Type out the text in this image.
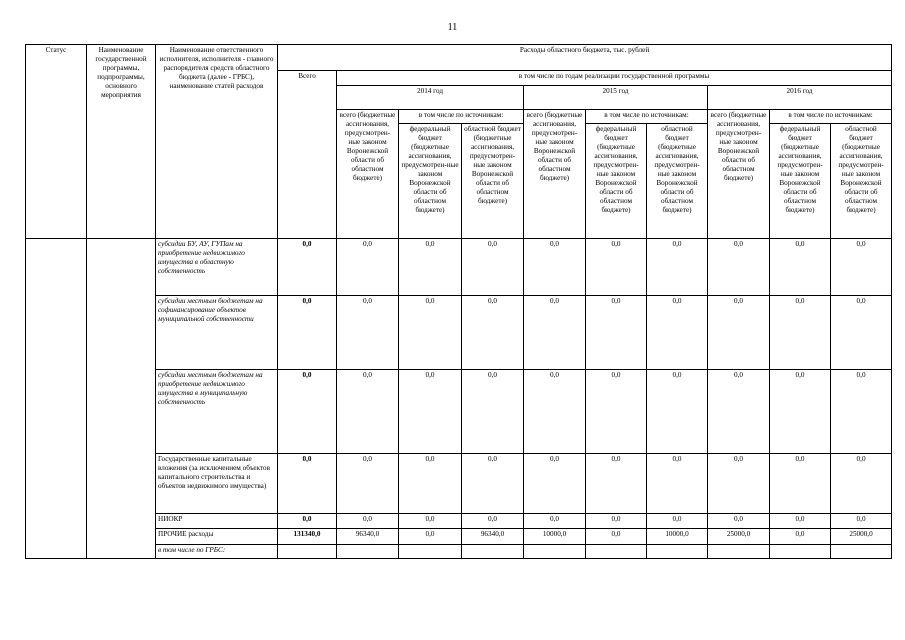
11
Статус	Наименование государственной программы, подпрограммы, основного мероприятия	Наименование ответственного исполнителя, исполнителя - главного распорядителя средств областного бюджета (далее - ГРБС), наименование статей расходов	Расходы областного бюджета, тыс. рублей									
			Всего	в том числе по годам реализации государственной программы								
				2014 год			2015 год			2016 год		
				всего (бюджетные ассигнования, предусмотрен-ные законом Воронежской области об областном бюджете)	в том числе по источникам:		всего (бюджетные ассигнования, предусмотрен-ные законом Воронежской области об областном бюджете)	в том числе по источникам:		всего (бюджетные ассигнования, предусмотрен-ные законом Воронежской области об областном бюджете)	в том числе по источникам:	
					федеральный бюджет (бюджетные ассигнования, предусмотрен-ные законом Воронежской области об областном бюджете)	областной бюджет (бюджетные ассигнования, предусмотрен-ные законом Воронежской области об областном бюджете)		федеральный бюджет (бюджетные ассигнования, предусмотрен-ные законом Воронежской области об областном бюджете)	областной бюджет (бюджетные ассигнования, предусмотрен-ные законом Воронежской области об областном бюджете)		федеральный бюджет (бюджетные ассигнования, предусмотрен-ные законом Воронежской области об областном бюджете)	областной бюджет (бюджетные ассигнования, предусмотрен-ные законом Воронежской области об областном бюджете)
		субсидии БУ, АУ, ГУПам на приобретение недвижимого имущества в областную собственность	0,0	0,0	0,0	0,0	0,0	0,0	0,0	0,0	0,0	0,0
		субсидии местным бюджетам на софинансирование объектов муниципальной собственности	0,0	0,0	0,0	0,0	0,0	0,0	0,0	0,0	0,0	0,0
		субсидии местным бюджетам на приобретение недвижимого имущества в муниципальную собственность	0,0	0,0	0,0	0,0	0,0	0,0	0,0	0,0	0,0	0,0
		Государственные капитальные вложения (за исключением объектов капитального строительства и объектов недвижимого имущества)	0,0	0,0	0,0	0,0	0,0	0,0	0,0	0,0	0,0	0,0
		НИОКР	0,0	0,0	0,0	0,0	0,0	0,0	0,0	0,0	0,0	0,0
		ПРОЧИЕ расходы	131340,0	96340,0	0,0	96340,0	10000,0	0,0	10000,0	25000,0	0,0	25000,0
		в том числе по ГРБС:										
